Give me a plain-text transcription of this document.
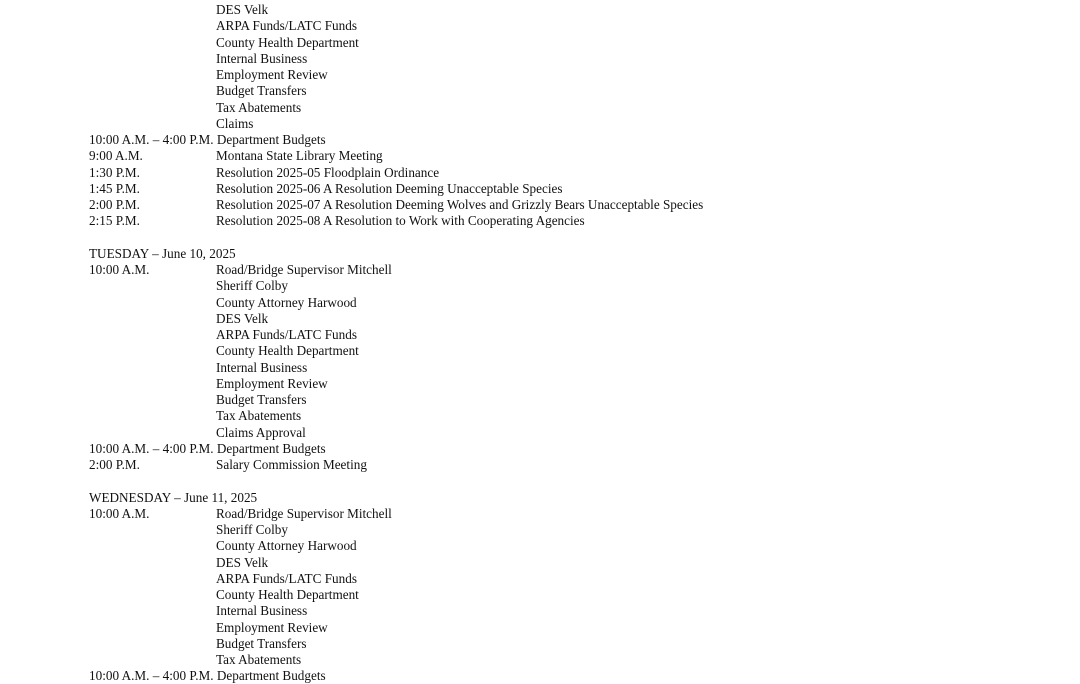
DES Velk
ARPA Funds/LATC Funds
County Health Department
Internal Business
Employment Review
Budget Transfers
Tax Abatements
Claims
10:00 A.M. – 4:00 P.M. Department Budgets
9:00 A.M.	Montana State Library Meeting
1:30 P.M.	Resolution 2025-05 Floodplain Ordinance
1:45 P.M.	Resolution 2025-06 A Resolution Deeming Unacceptable Species
2:00 P.M.	Resolution 2025-07 A Resolution Deeming Wolves and Grizzly Bears Unacceptable Species
2:15 P.M.	Resolution 2025-08 A Resolution to Work with Cooperating Agencies
TUESDAY – June 10, 2025
10:00 A.M.	Road/Bridge Supervisor Mitchell
Sheriff Colby
County Attorney Harwood
DES Velk
ARPA Funds/LATC Funds
County Health Department
Internal Business
Employment Review
Budget Transfers
Tax Abatements
Claims Approval
10:00 A.M. – 4:00 P.M. Department Budgets
2:00 P.M.	Salary Commission Meeting
WEDNESDAY – June 11, 2025
10:00 A.M.	Road/Bridge Supervisor Mitchell
Sheriff Colby
County Attorney Harwood
DES Velk
ARPA Funds/LATC Funds
County Health Department
Internal Business
Employment Review
Budget Transfers
Tax Abatements
10:00 A.M. – 4:00 P.M. Department Budgets
